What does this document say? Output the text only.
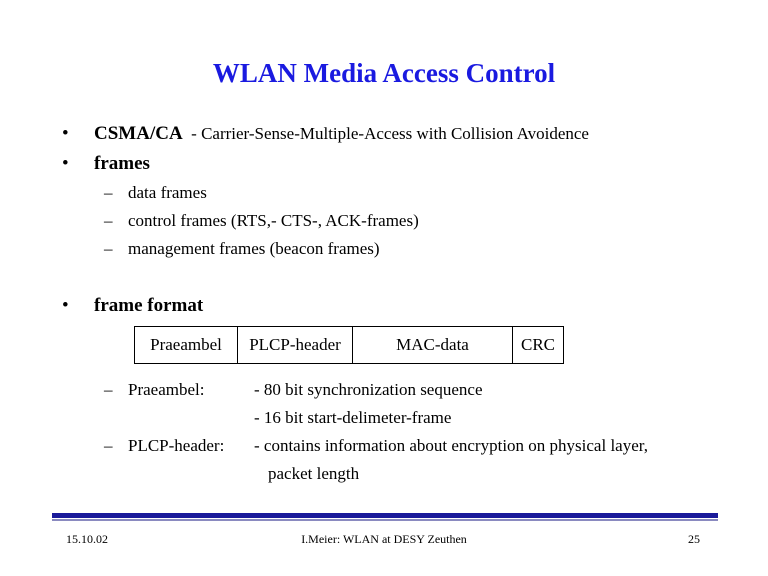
WLAN Media Access Control
• CSMA/CA  - Carrier-Sense-Multiple-Access with Collision Avoidence
• frames
– data frames
– control frames (RTS,- CTS-, ACK-frames)
– management frames (beacon frames)
• frame format
Praeambel	PLCP-header	MAC-data	CRC
– Praeambel:	- 80 bit synchronization sequence
- 16 bit start-delimeter-frame
– PLCP-header: - contains information about encryption on physical layer,
packet length
15.10.02	I.Meier: WLAN at DESY Zeuthen	25
